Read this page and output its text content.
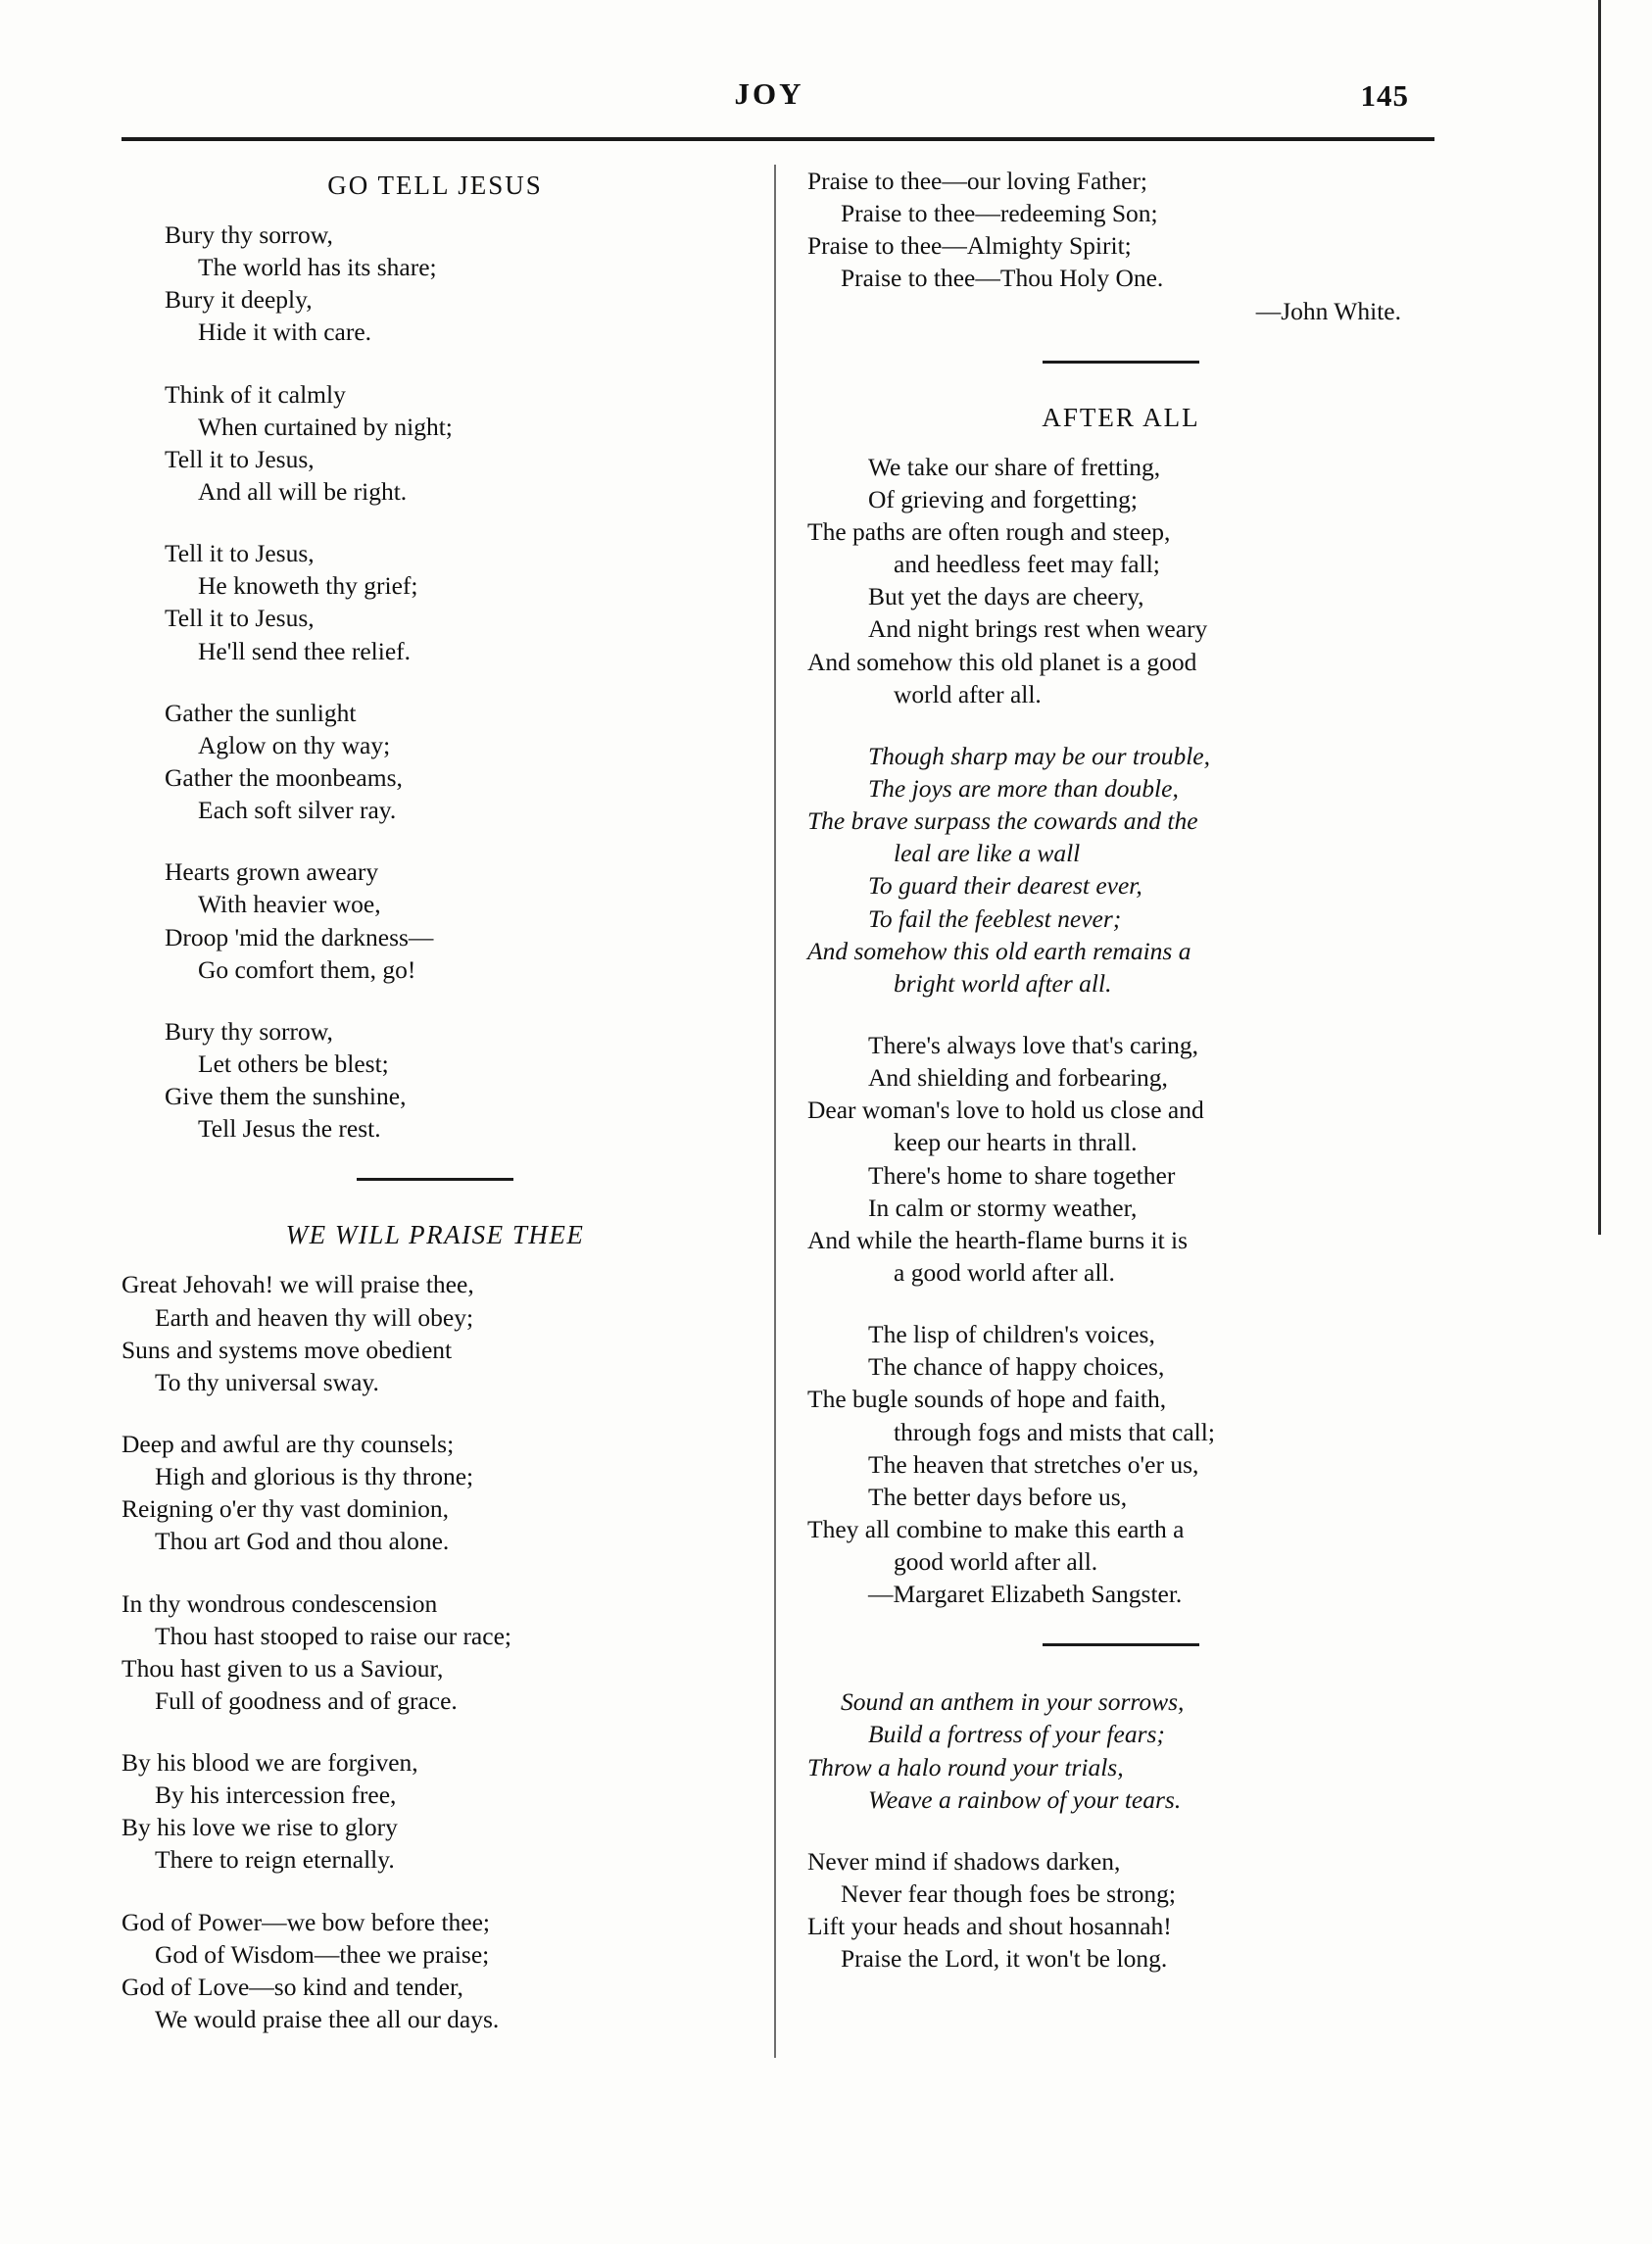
JOY	145
GO TELL JESUS
Bury thy sorrow,
The world has its share;
Bury it deeply,
Hide it with care.
Think of it calmly
When curtained by night;
Tell it to Jesus,
And all will be right.
Tell it to Jesus,
He knoweth thy grief;
Tell it to Jesus,
He'll send thee relief.
Gather the sunlight
Aglow on thy way;
Gather the moonbeams,
Each soft silver ray.
Hearts grown aweary
With heavier woe,
Droop 'mid the darkness—
Go comfort them, go!
Bury thy sorrow,
Let others be blest;
Give them the sunshine,
Tell Jesus the rest.
WE WILL PRAISE THEE
Great Jehovah! we will praise thee,
Earth and heaven thy will obey;
Suns and systems move obedient
To thy universal sway.
Deep and awful are thy counsels;
High and glorious is thy throne;
Reigning o'er thy vast dominion,
Thou art God and thou alone.
In thy wondrous condescension
Thou hast stooped to raise our race;
Thou hast given to us a Saviour,
Full of goodness and of grace.
By his blood we are forgiven,
By his intercession free,
By his love we rise to glory
There to reign eternally.
God of Power—we bow before thee;
God of Wisdom—thee we praise;
God of Love—so kind and tender,
We would praise thee all our days.
Praise to thee—our loving Father;
Praise to thee—redeeming Son;
Praise to thee—Almighty Spirit;
Praise to thee—Thou Holy One.
—John White.
AFTER ALL
We take our share of fretting,
Of grieving and forgetting;
The paths are often rough and steep,
and heedless feet may fall;
But yet the days are cheery,
And night brings rest when weary
And somehow this old planet is a good
world after all.
Though sharp may be our trouble,
The joys are more than double,
The brave surpass the cowards and the
leal are like a wall
To guard their dearest ever,
To fail the feeblest never;
And somehow this old earth remains a
bright world after all.
There's always love that's caring,
And shielding and forbearing,
Dear woman's love to hold us close and
keep our hearts in thrall.
There's home to share together
In calm or stormy weather,
And while the hearth-flame burns it is
a good world after all.
The lisp of children's voices,
The chance of happy choices,
The bugle sounds of hope and faith,
through fogs and mists that call;
The heaven that stretches o'er us,
The better days before us,
They all combine to make this earth a
good world after all.
—Margaret Elizabeth Sangster.
Sound an anthem in your sorrows,
Build a fortress of your fears;
Throw a halo round your trials,
Weave a rainbow of your tears.
Never mind if shadows darken,
Never fear though foes be strong;
Lift your heads and shout hosannah!
Praise the Lord, it won't be long.
